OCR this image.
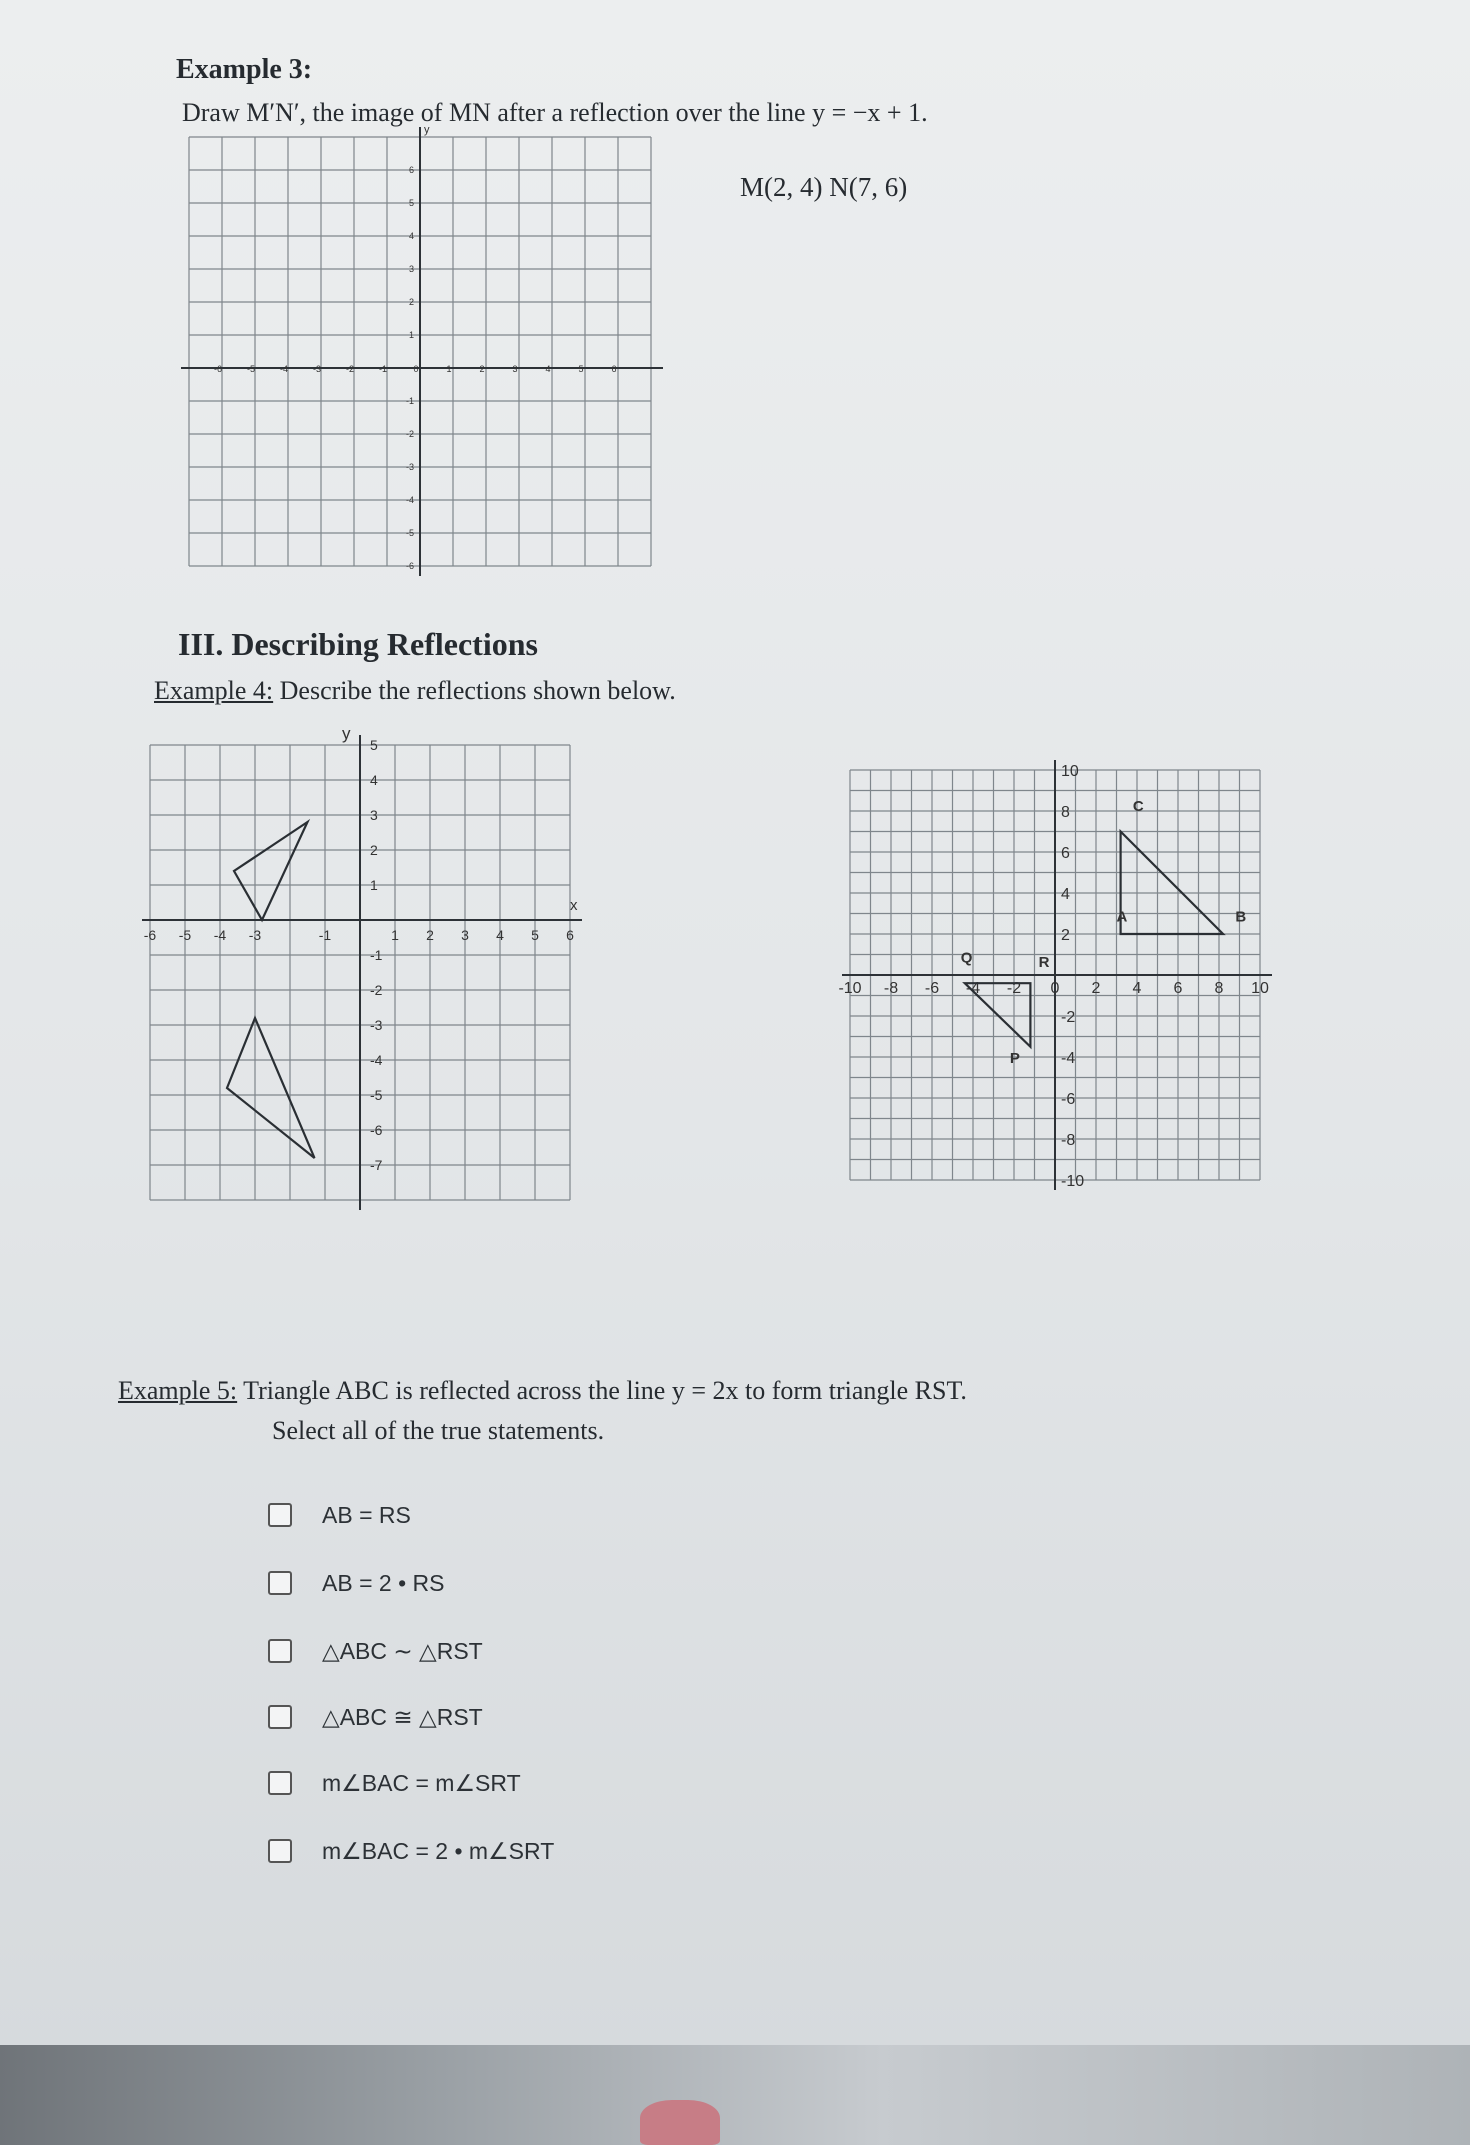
Example 3:
Draw M′N′, the image of MN after a reflection over the line y = −x + 1.
M(2, 4) N(7, 6)
-6	-5	-4	-3	-2	-1	0	1	2	3	4	5	6
6
5
4
3
2
1
-1
-2
-3
-4
-5
-6
y
III. Describing Reflections
Example 4: Describe the reflections shown below.
-6 -5 -4 -3	-1	1 2 3 4 5 6
5
4
3
2
1
-1
-2
-3
-4
-5
-6
-7
x
y
-10 -8 -6 -4 -2 0 2 4 6 8 10
10
8
6
4
2
-2
-4
-6
-8
-10
C
A	B
Q	R
P
Example 5: Triangle ABC is reflected across the line y = 2x to form triangle RST.
Select all of the true statements.
AB = RS
AB = 2 • RS
△ABC ∼ △RST
△ABC ≅ △RST
m∠BAC = m∠SRT
m∠BAC = 2 • m∠SRT
